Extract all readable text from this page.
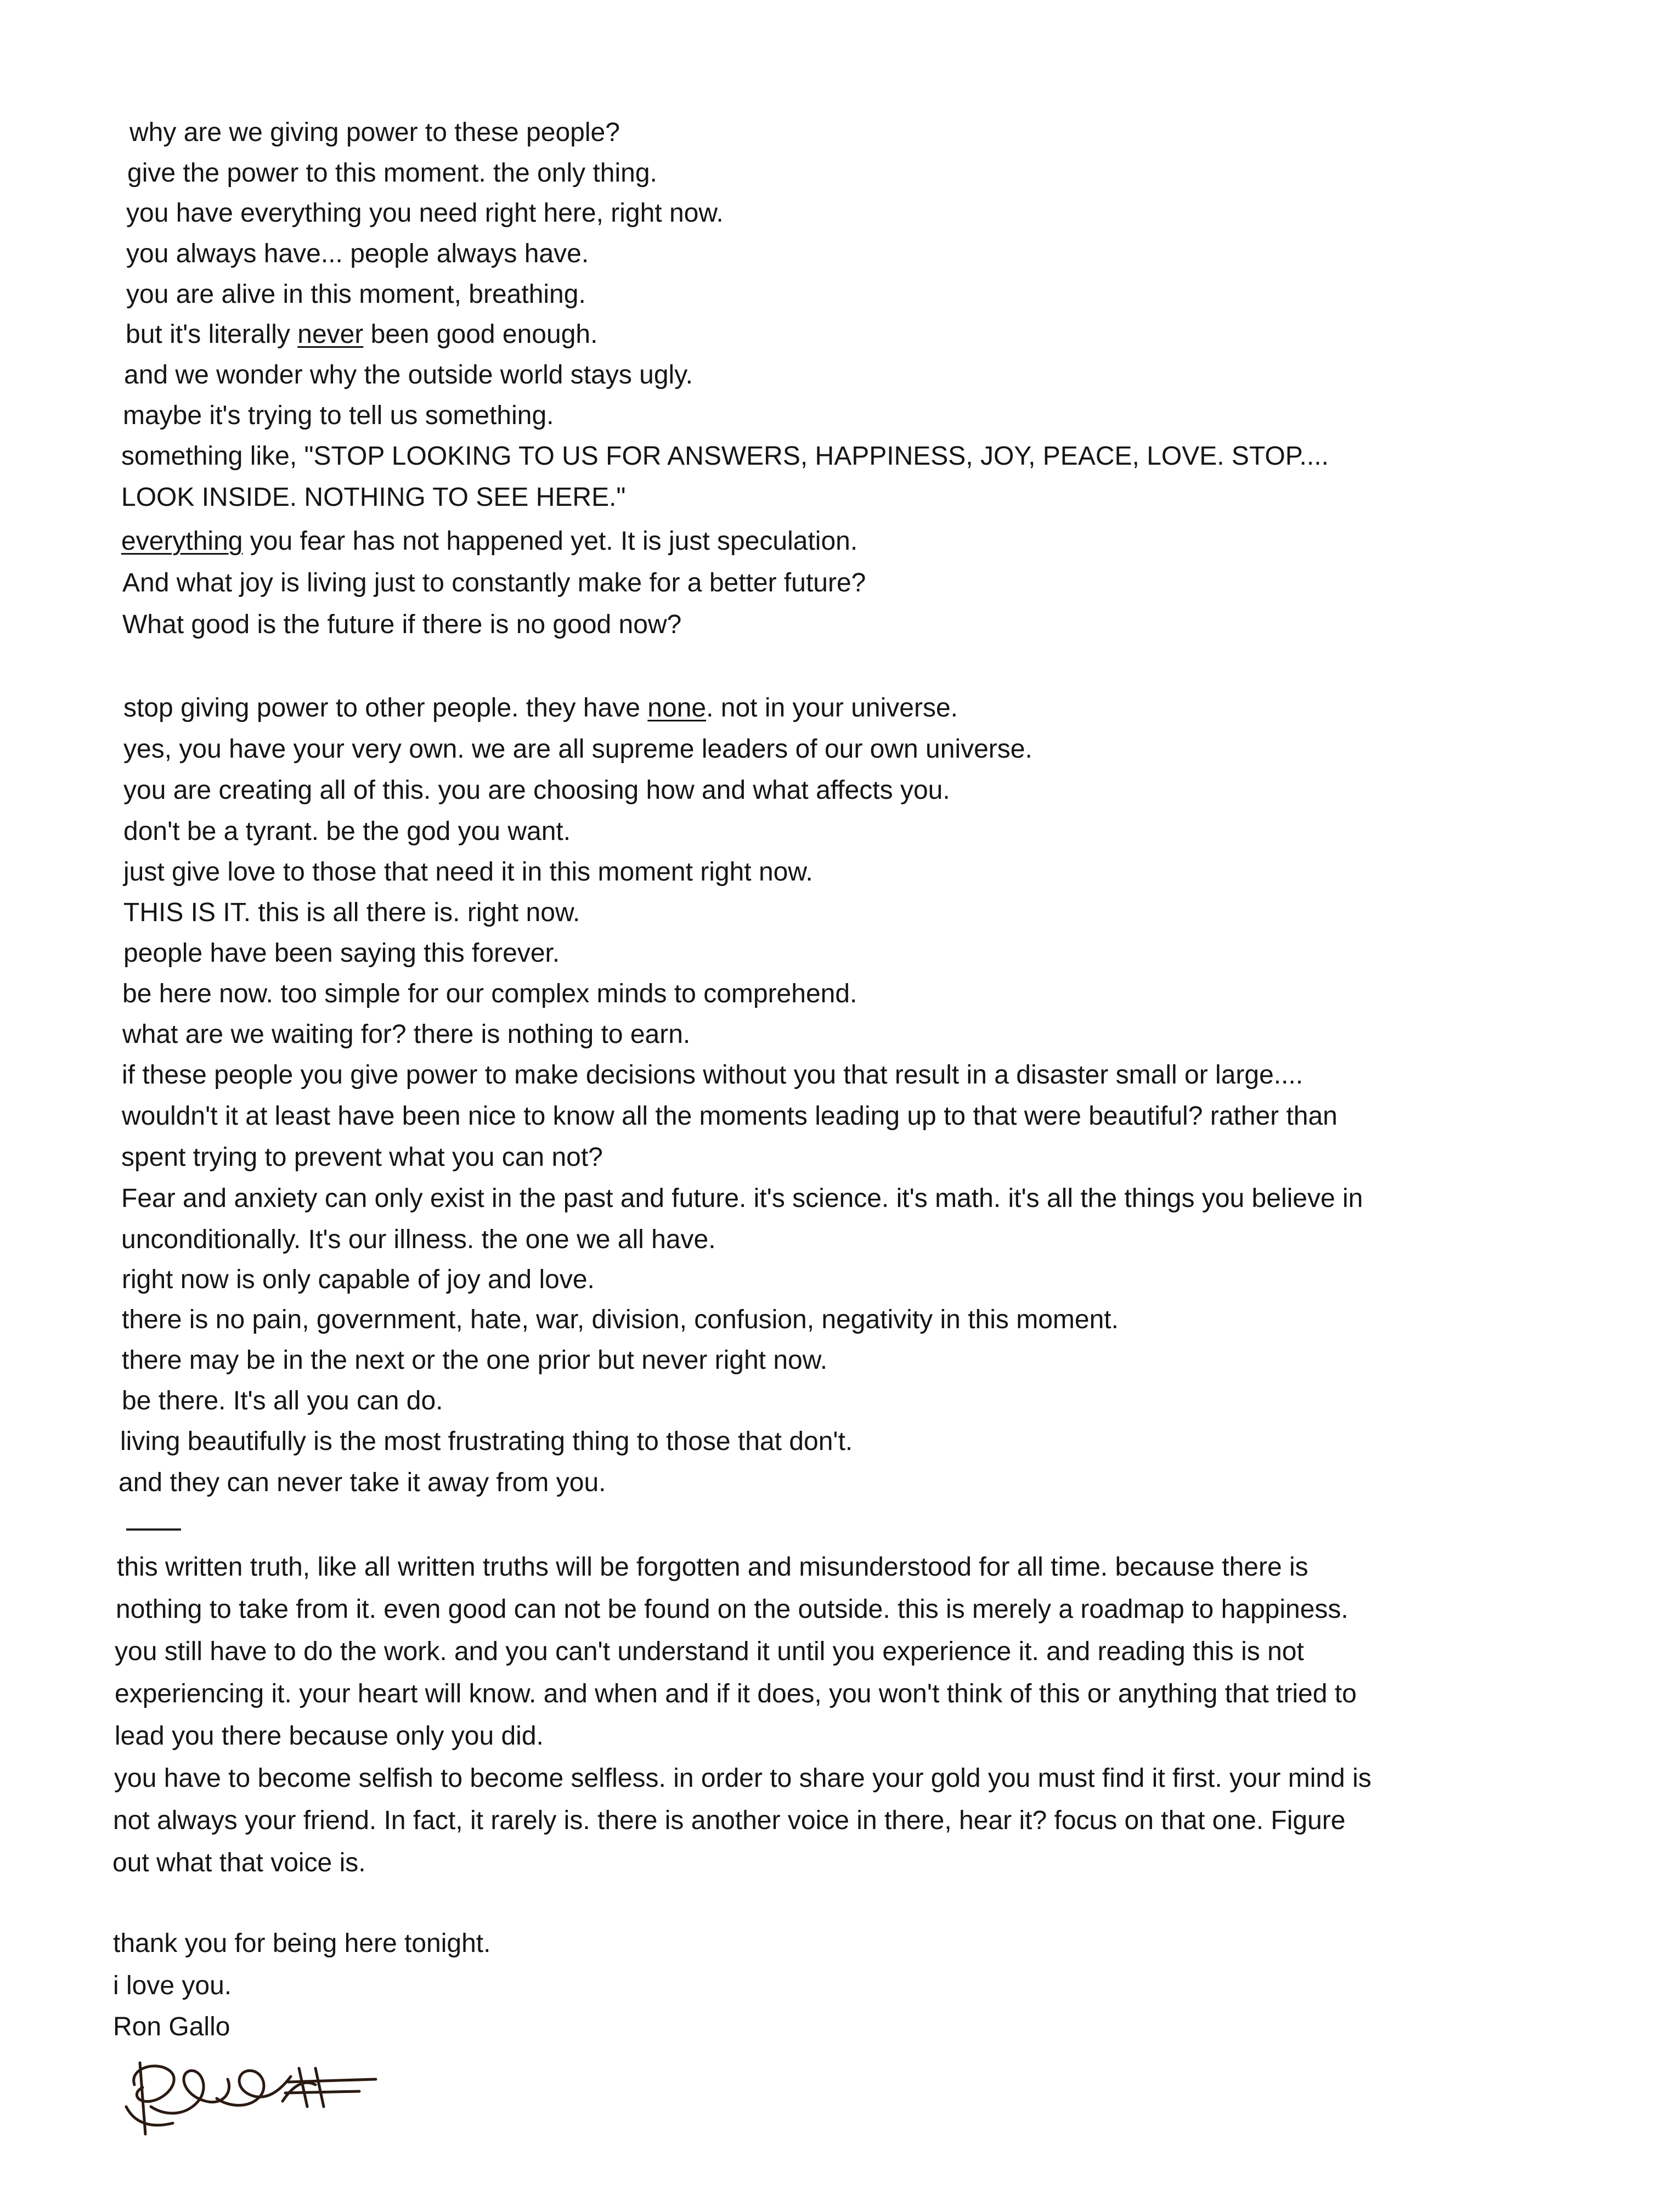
why are we giving power to these people?
give the power to this moment. the only thing.
you have everything you need right here, right now.
you always have... people always have.
you are alive in this moment, breathing.
but it's literally never been good enough.
and we wonder why the outside world stays ugly.
maybe it's trying to tell us something.
something like, "STOP LOOKING TO US FOR ANSWERS, HAPPINESS, JOY, PEACE, LOVE. STOP....
LOOK INSIDE. NOTHING TO SEE HERE."
everything you fear has not happened yet. It is just speculation.
And what joy is living just to constantly make for a better future?
What good is the future if there is no good now?
stop giving power to other people. they have none. not in your universe.
yes, you have your very own. we are all supreme leaders of our own universe.
you are creating all of this. you are choosing how and what affects you.
don't be a tyrant. be the god you want.
just give love to those that need it in this moment right now.
THIS IS IT. this is all there is. right now.
people have been saying this forever.
be here now. too simple for our complex minds to comprehend.
what are we waiting for? there is nothing to earn.
if these people you give power to make decisions without you that result in a disaster small or large....
wouldn't it at least have been nice to know all the moments leading up to that were beautiful? rather than
spent trying to prevent what you can not?
Fear and anxiety can only exist in the past and future. it's science. it's math. it's all the things you believe in
unconditionally. It's our illness. the one we all have.
right now is only capable of joy and love.
there is no pain, government, hate, war, division, confusion, negativity in this moment.
there may be in the next or the one prior but never right now.
be there. It's all you can do.
living beautifully is the most frustrating thing to those that don't.
and they can never take it away from you.
this written truth, like all written truths will be forgotten and misunderstood for all time. because there is
nothing to take from it. even good can not be found on the outside. this is merely a roadmap to happiness.
you still have to do the work. and you can't understand it until you experience it. and reading this is not
experiencing it. your heart will know. and when and if it does, you won't think of this or anything that tried to
lead you there because only you did.
you have to become selfish to become selfless. in order to share your gold you must find it first. your mind is
not always your friend. In fact, it rarely is. there is another voice in there, hear it? focus on that one. Figure
out what that voice is.
thank you for being here tonight.
i love you.
Ron Gallo
